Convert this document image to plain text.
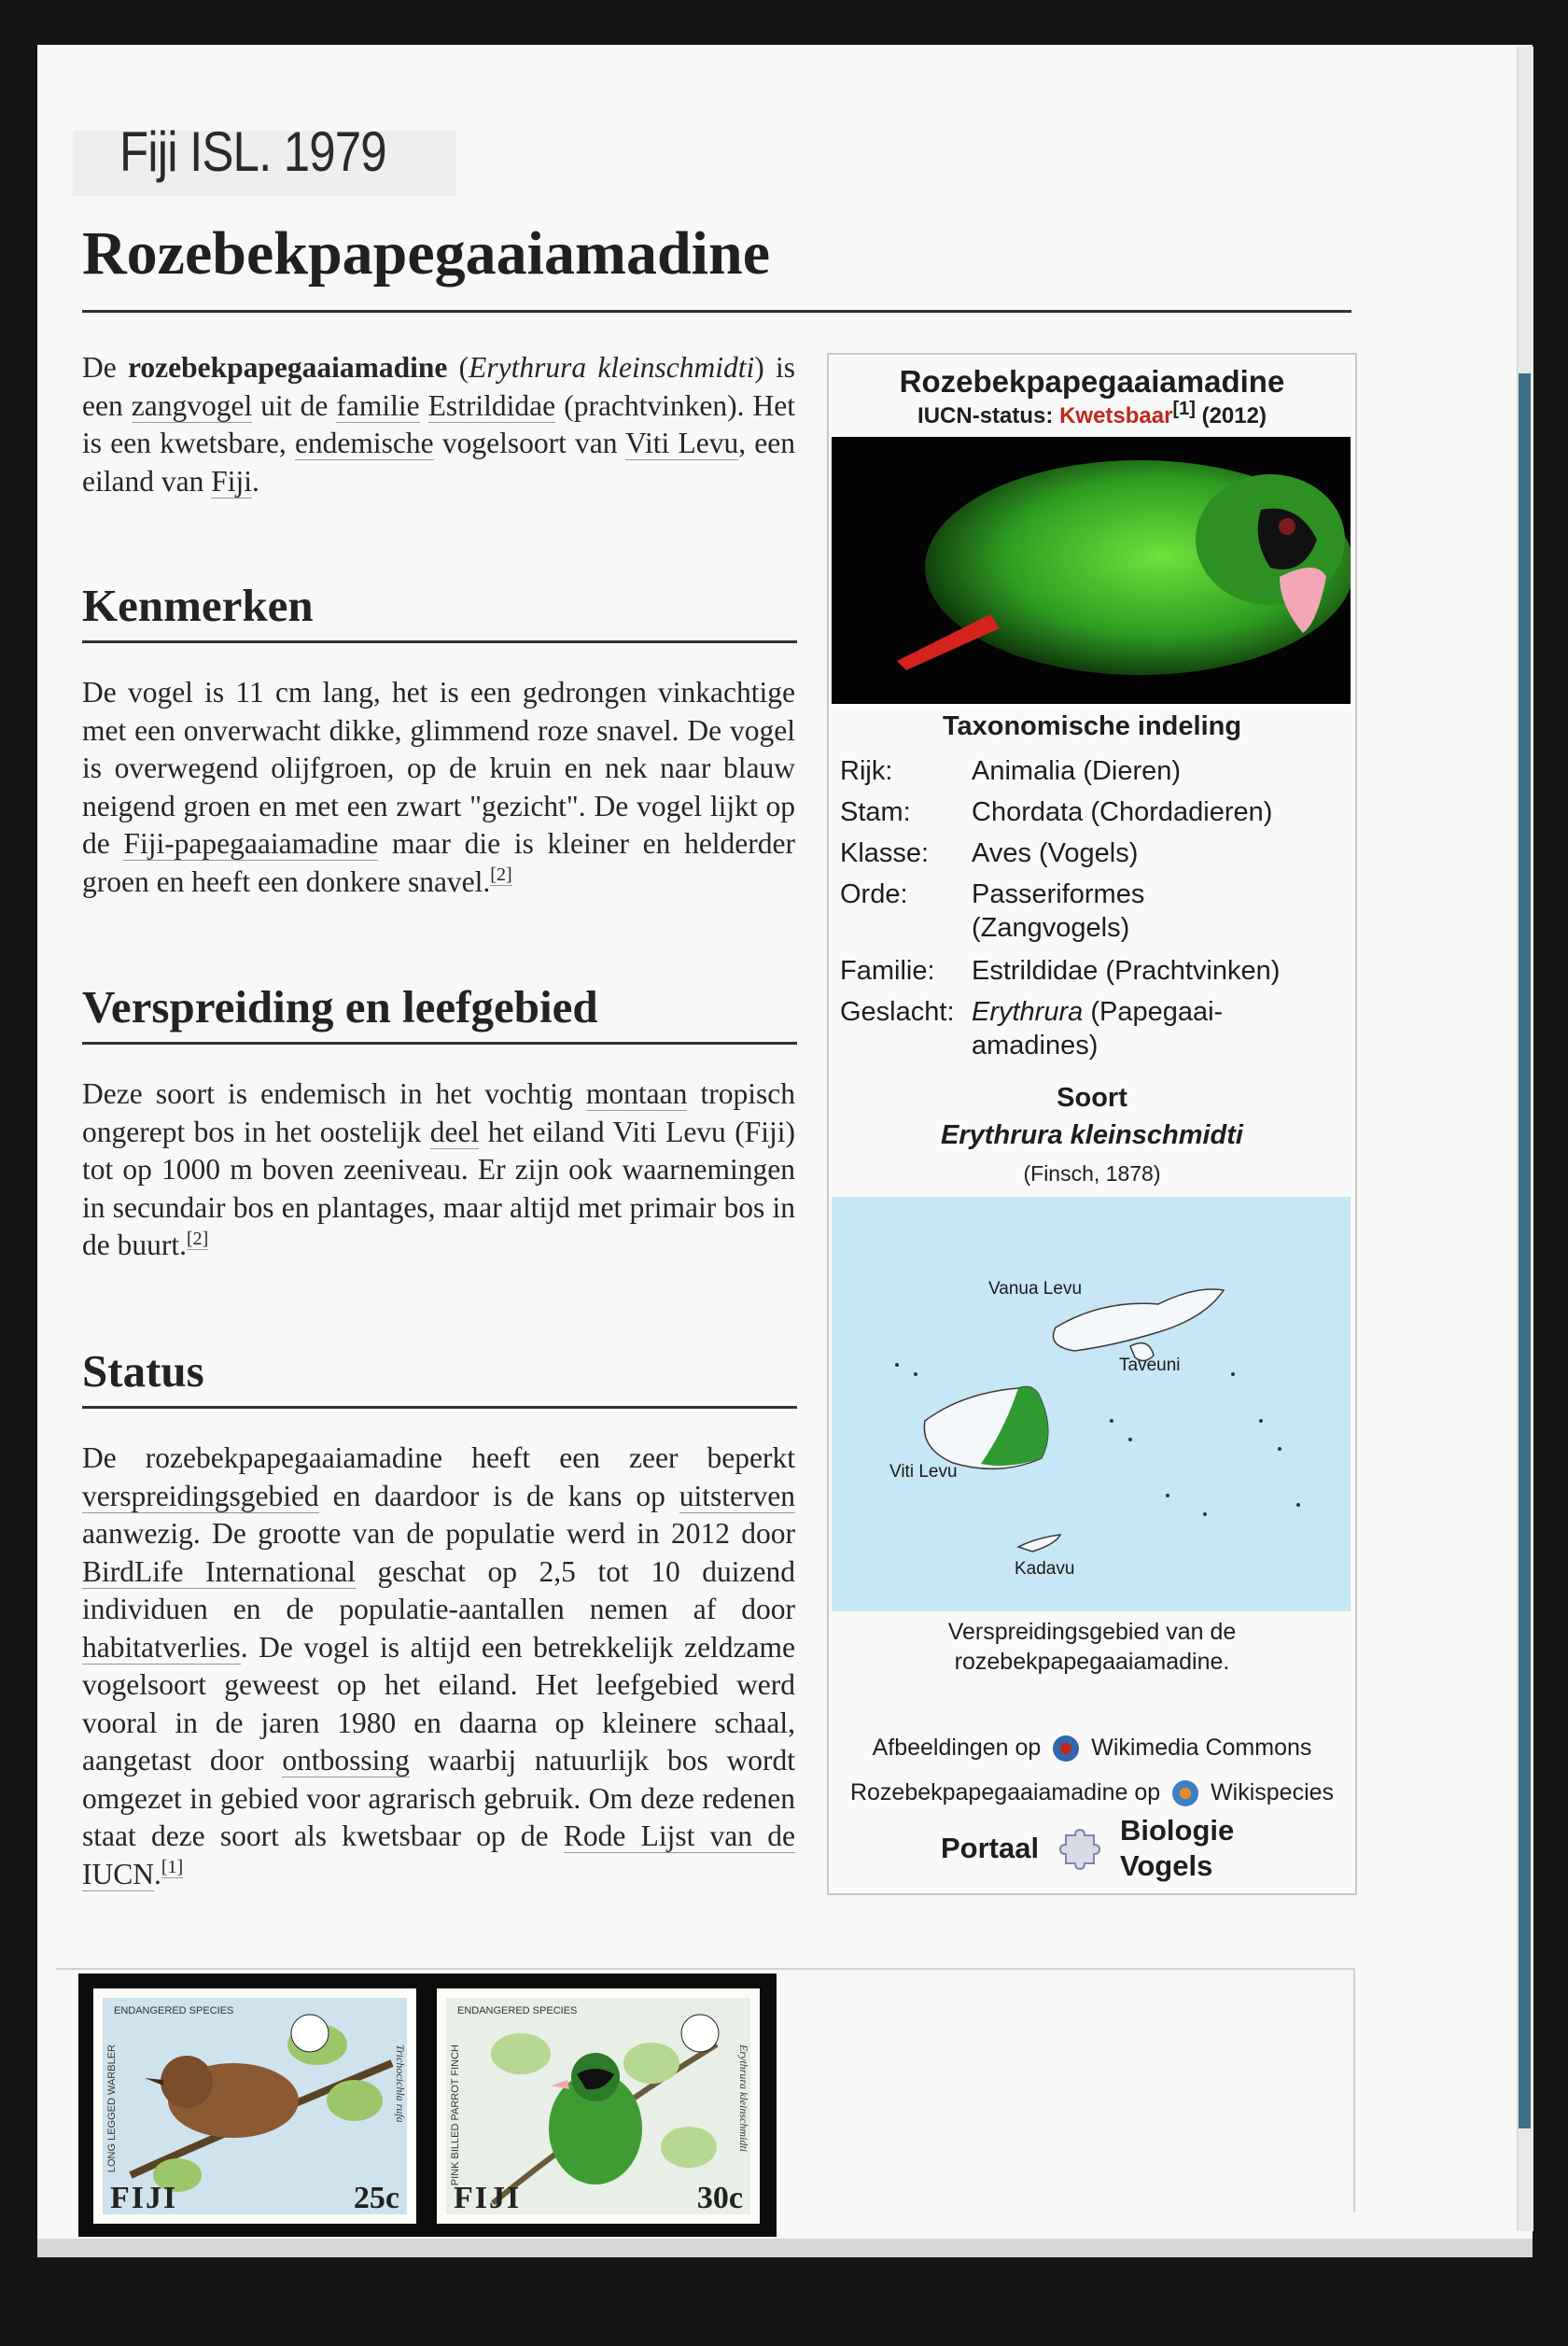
Fiji ISL. 1979
Rozebekpapegaaiamadine
De rozebekpapegaaiamadine (Erythrura kleinschmidti) is een zangvogel uit de familie Estrildidae (prachtvinken). Het is een kwetsbare, endemische vogelsoort van Viti Levu, een eiland van Fiji.
Kenmerken
De vogel is 11 cm lang, het is een gedrongen vinkachtige met een onverwacht dikke, glimmend roze snavel. De vogel is overwegend olijfgroen, op de kruin en nek naar blauw neigend groen en met een zwart "gezicht". De vogel lijkt op de Fiji-papegaaiamadine maar die is kleiner en helderder groen en heeft een donkere snavel.[2]
Verspreiding en leefgebied
Deze soort is endemisch in het vochtig montaan tropisch ongerept bos in het oostelijk deel het eiland Viti Levu (Fiji) tot op 1000 m boven zeeniveau. Er zijn ook waarnemingen in secundair bos en plantages, maar altijd met primair bos in de buurt.[2]
Status
De rozebekpapegaaiamadine heeft een zeer beperkt verspreidingsgebied en daardoor is de kans op uitsterven aanwezig. De grootte van de populatie werd in 2012 door BirdLife International geschat op 2,5 tot 10 duizend individuen en de populatie-aantallen nemen af door habitatverlies. De vogel is altijd een betrekkelijk zeldzame vogelsoort geweest op het eiland. Het leefgebied werd vooral in de jaren 1980 en daarna op kleinere schaal, aangetast door ontbossing waarbij natuurlijk bos wordt omgezet in gebied voor agrarisch gebruik. Om deze redenen staat deze soort als kwetsbaar op de Rode Lijst van de IUCN.[1]
Rozebekpapegaaiamadine
IUCN-status: Kwetsbaar[1] (2012)
Taxonomische indeling
Rijk:	Animalia (Dieren)
Stam:	Chordata (Chordadieren)
Klasse:	Aves (Vogels)
Orde:	Passeriformes
(Zangvogels)
Familie:	Estrildidae (Prachtvinken)
Geslacht: Erythrura (Papegaai-amadines)
Soort
Erythrura kleinschmidti
(Finsch, 1878)
Vanua Levu
Taveuni
Viti Levu
Kadavu
Verspreidingsgebied van de rozebekpapegaaiamadine.
Afbeeldingen op Wikimedia Commons
Rozebekpapegaaiamadine op Wikispecies
Portaal
Biologie
Vogels
ENDANGERED SPECIES
LONG LEGGED WARBLER	Trichocichla rufa
FIJI	25c
ENDANGERED SPECIES
PINK BILLED PARROT FINCH	Erythrura kleinschmidti
FIJI	30c
